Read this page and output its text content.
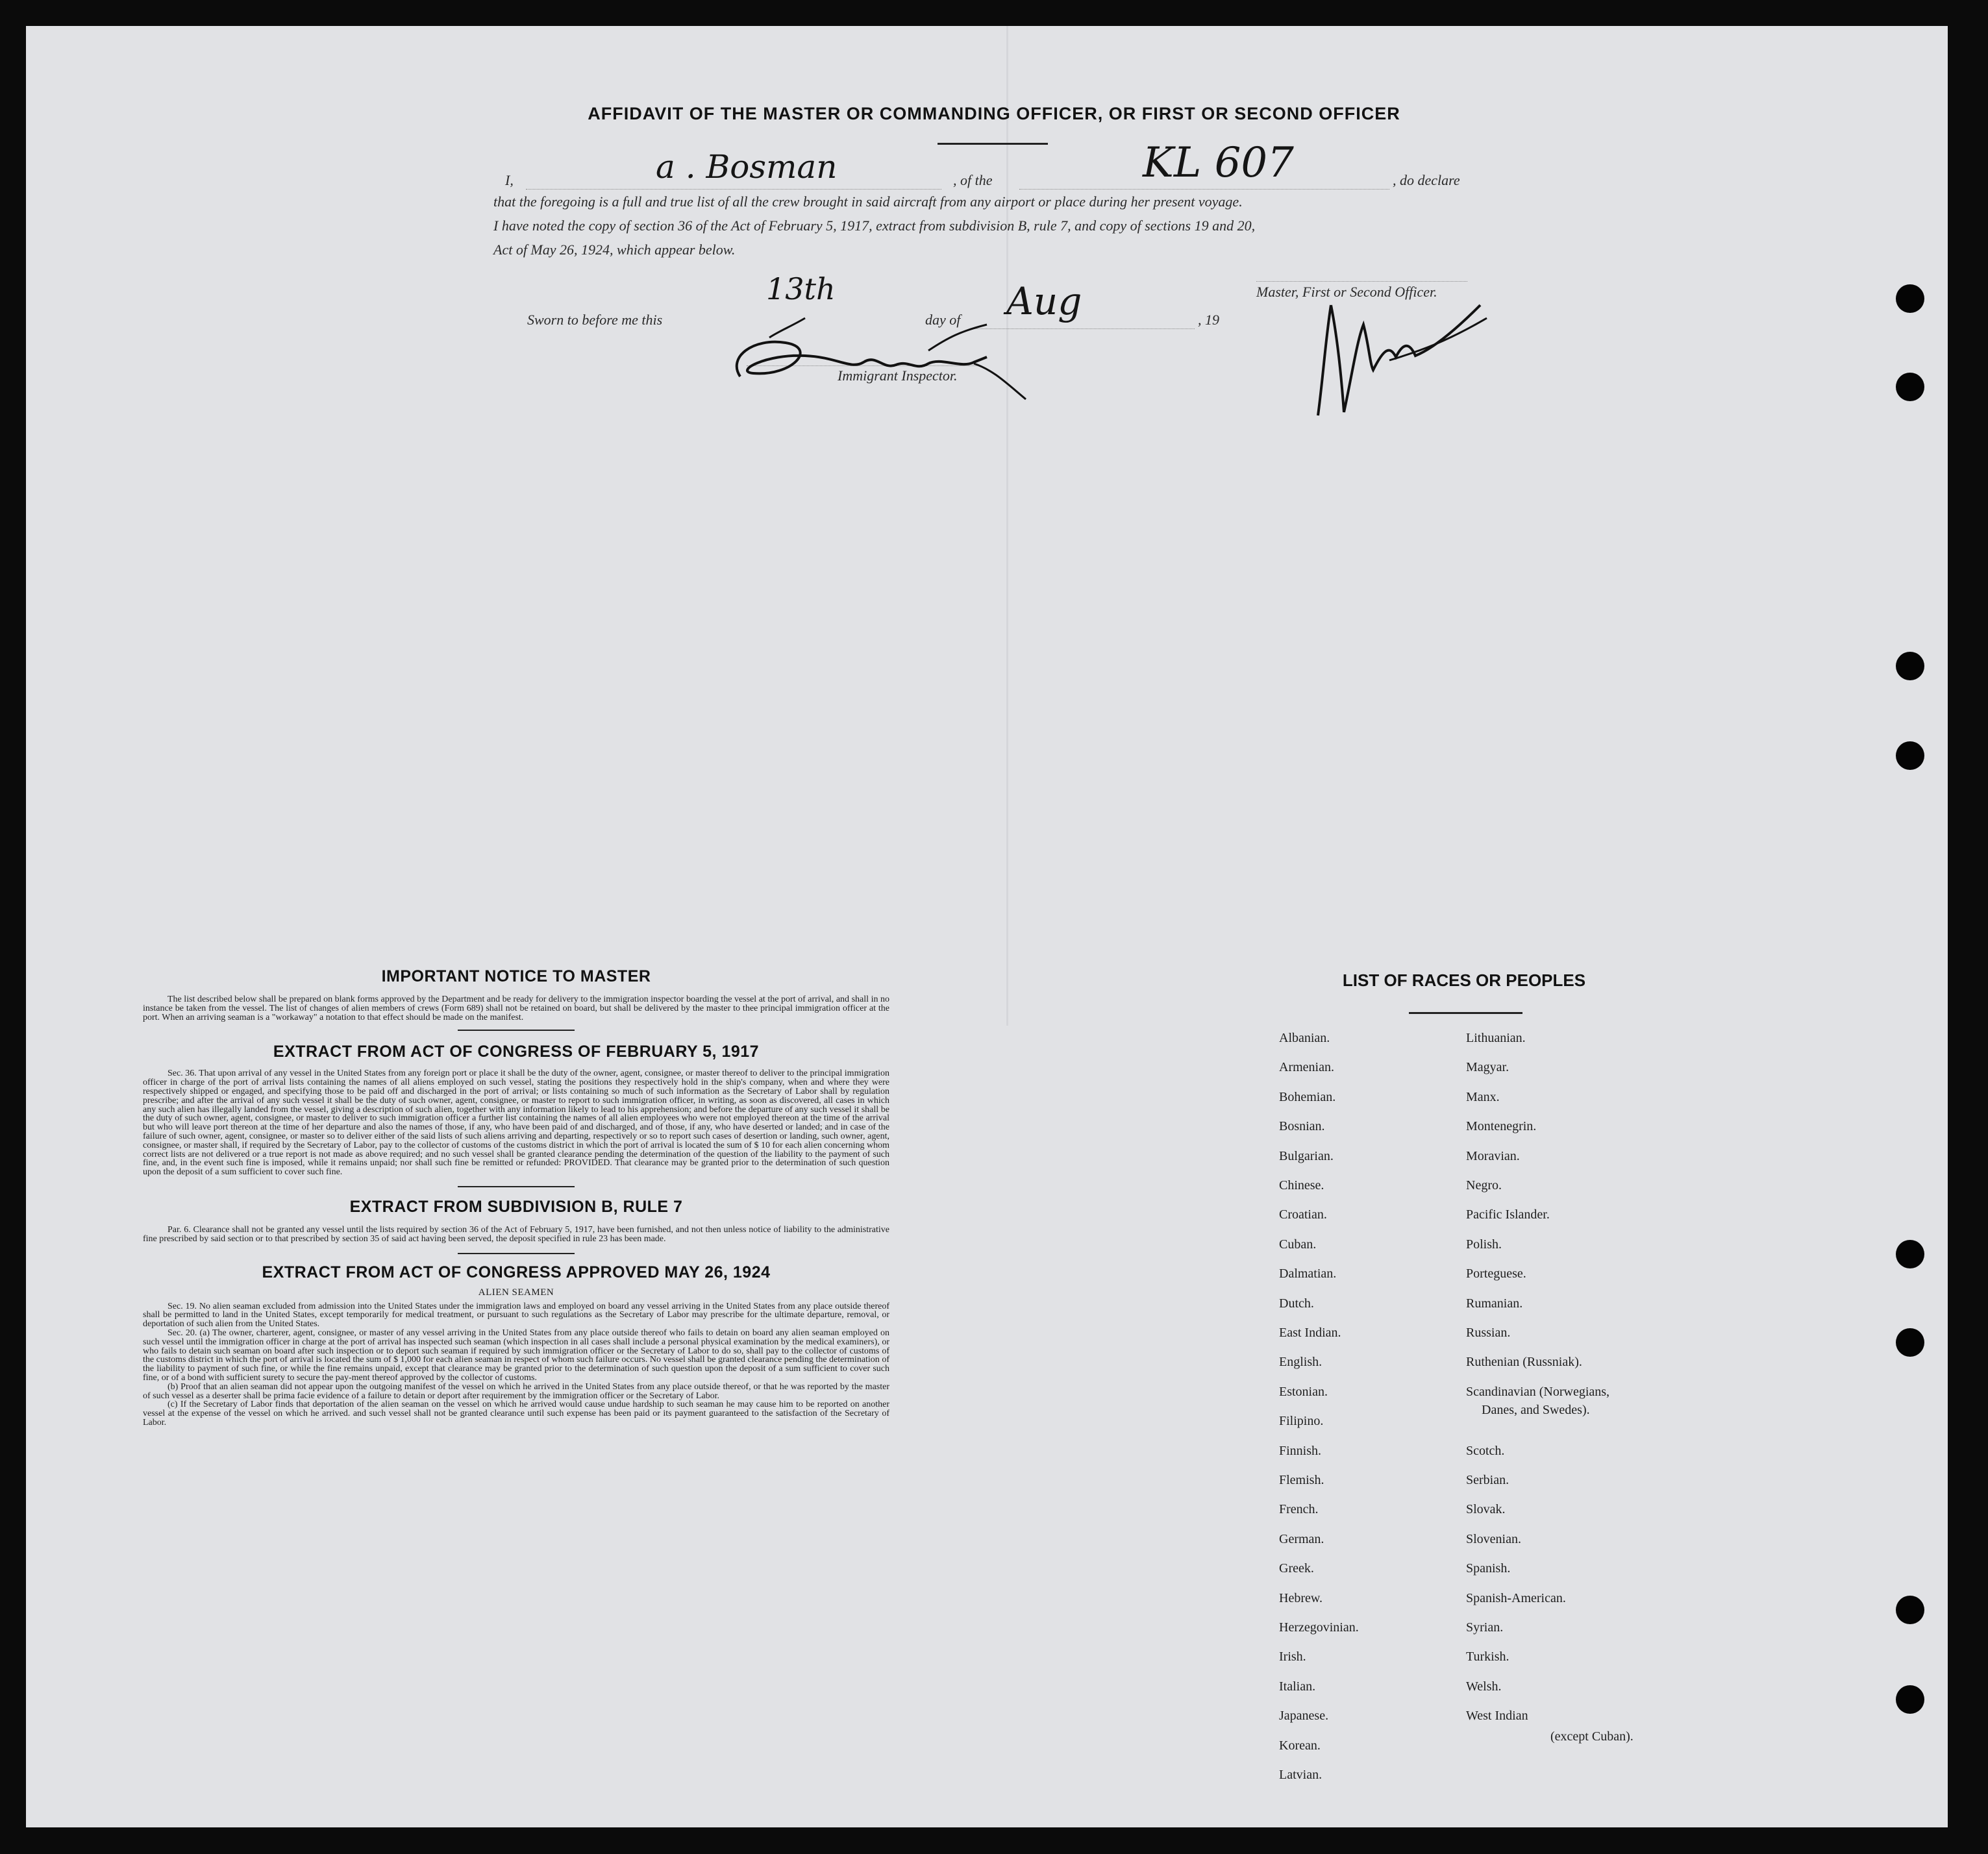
AFFIDAVIT OF THE MASTER OR COMMANDING OFFICER, OR FIRST OR SECOND OFFICER
I,	a . Bosman	, of the	KL 607	, do declare
that the foregoing is a full and true list of all the crew brought in said aircraft from any airport or place during her present voyage.
I have noted the copy of section 36 of the Act of February 5, 1917, extract from subdivision B, rule 7, and copy of sections 19 and 20,
Act of May 26, 1924, which appear below.
Master, First or Second Officer.
Sworn to before me this
13th
day of Aug	, 19
Immigrant Inspector.
IMPORTANT NOTICE TO MASTER

The list described below shall be prepared on blank forms approved by the Department and be ready for delivery to the immigration inspector boarding the vessel at the port of arrival, and shall in no instance be taken from the vessel. The list of changes of alien members of crews (Form 689) shall not be retained on board, but shall be delivered by the master to thee principal immigration officer at the port. When an arriving seaman is a "workaway" a notation to that effect should be made on the manifest.

EXTRACT FROM ACT OF CONGRESS OF FEBRUARY 5, 1917

Sec. 36. That upon arrival of any vessel in the United States from any foreign port or place it shall be the duty of the owner, agent, consignee, or master thereof to deliver to the principal immigration officer in charge of the port of arrival lists containing the names of all aliens employed on such vessel, stating the positions they respectively hold in the ship's company, when and where they were respectively shipped or engaged, and specifying those to be paid off and discharged in the port of arrival; or lists containing so much of such information as the Secretary of Labor shall by regulation prescribe; and after the arrival of any such vessel it shall be the duty of such owner, agent, consignee, or master to report to such immigration officer, in writing, as soon as discovered, all cases in which any such alien has illegally landed from the vessel, giving a description of such alien, together with any information likely to lead to his apprehension; and before the departure of any such vessel it shall be the duty of such owner, agent, consignee, or master to deliver to such immigration officer a further list containing the names of all alien employees who were not employed thereon at the time of the arrival but who will leave port thereon at the time of her departure and also the names of those, if any, who have been paid of and discharged, and of those, if any, who have deserted or landed; and in case of the failure of such owner, agent, consignee, or master so to deliver either of the said lists of such aliens arriving and departing, respectively or so to report such cases of desertion or landing, such owner, agent, consignee, or master shall, if required by the Secretary of Labor, pay to the collector of customs of the customs district in which the port of arrival is located the sum of $ 10 for each alien concerning whom correct lists are not delivered or a true report is not made as above required; and no such vessel shall be granted clearance pending the determination of the question of the liability to the payment of such fine, and, in the event such fine is imposed, while it remains unpaid; nor shall such fine be remitted or refunded: PROVIDED. That clearance may be granted prior to the determination of such question upon the deposit of a sum sufficient to cover such fine.

EXTRACT FROM SUBDIVISION B, RULE 7

Par. 6. Clearance shall not be granted any vessel until the lists required by section 36 of the Act of February 5, 1917, have been furnished, and not then unless notice of liability to the administrative fine prescribed by said section or to that prescribed by section 35 of said act having been served, the deposit specified in rule 23 has been made.

EXTRACT FROM ACT OF CONGRESS APPROVED MAY 26, 1924
ALIEN SEAMEN

Sec. 19. No alien seaman excluded from admission into the United States under the immigration laws and employed on board any vessel arriving in the United States from any place outside thereof shall be permitted to land in the United States, except temporarily for medical treatment, or pursuant to such regulations as the Secretary of Labor may prescribe for the ultimate departure, removal, or deportation of such alien from the United States.

Sec. 20. (a) The owner, charterer, agent, consignee, or master of any vessel arriving in the United States from any place outside thereof who fails to detain on board any alien seaman employed on such vessel until the immigration officer in charge at the port of arrival has inspected such seaman (which inspection in all cases shall include a personal physical examination by the medical examiners), or who fails to detain such seaman on board after such inspection or to deport such seaman if required by such immigration officer or the Secretary of Labor to do so, shall pay to the collector of customs of the customs district in which the port of arrival is located the sum of $ 1,000 for each alien seaman in respect of whom such failure occurs. No vessel shall be granted clearance pending the determination of the liability to payment of such fine, or while the fine remains unpaid, except that clearance may be granted prior to the determination of such question upon the deposit of a sum sufficient to cover such fine, or of a bond with sufficient surety to secure the pay-ment thereof approved by the collector of customs.

(b) Proof that an alien seaman did not appear upon the outgoing manifest of the vessel on which he arrived in the United States from any place outside thereof, or that he was reported by the master of such vessel as a deserter shall be prima facie evidence of a failure to detain or deport after requirement by the immigration officer or the Secretary of Labor.

(c) If the Secretary of Labor finds that deportation of the alien seaman on the vessel on which he arrived would cause undue hardship to such seaman he may cause him to be reported on another vessel at the expense of the vessel on which he arrived. and such vessel shall not be granted clearance until such expense has been paid or its payment guaranteed to the satisfaction of the Secretary of Labor.

LIST OF RACES OR PEOPLES
Albanian.
Armenian.
Bohemian.
Bosnian.
Bulgarian.
Chinese.
Croatian.
Cuban.
Dalmatian.
Dutch.
East Indian.
English.
Estonian.
Filipino.
Finnish.
Flemish.
French.
German.
Greek.
Hebrew.
Herzegovinian.
Irish.
Italian.
Japanese.
Korean.
Latvian.
Lithuanian.
Magyar.
Manx.
Montenegrin.
Moravian.
Negro.
Pacific Islander.
Polish.
Porteguese.
Rumanian.
Russian.
Ruthenian (Russniak).
Scandinavian (Norwegians,
Scotch.
Serbian.
Slovak.
Slovenian.
Spanish.
Spanish-American.
Syrian.
Turkish.
Welsh.
West Indian
Danes, and Swedes).
(except Cuban).
